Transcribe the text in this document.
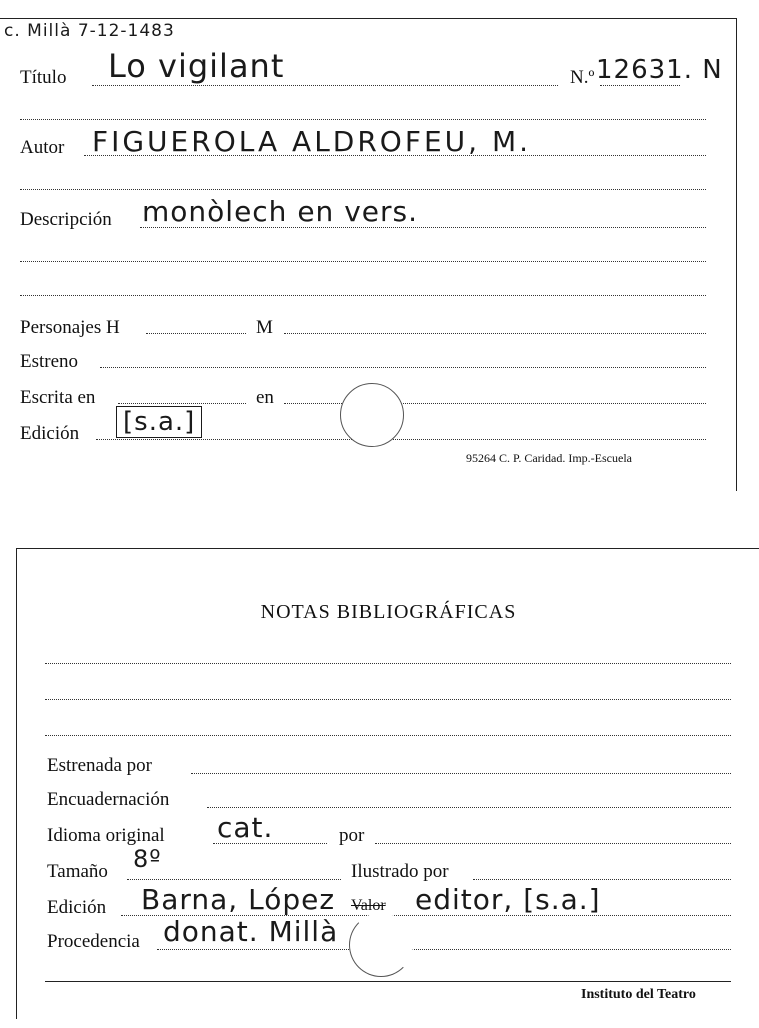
c. Millà 7-12-1483
Título Lo vigilant	N.º 12631. N
Autor FIGUEROLA ALDROFEU, M.
Descripción monòlech en vers.
Personajes H	M
Estreno
Escrita en	en
Edición [s.a.]
95264 C. P. Caridad. Imp.-Escuela
NOTAS BIBLIOGRÁFICAS
Estrenada por
Encuadernación
Idioma original cat.	por
Tamaño 8º	Ilustrado por
Edición Barna, López Valor editor, [s.a.]
Procedencia donat. Millà
Instituto del Teatro
